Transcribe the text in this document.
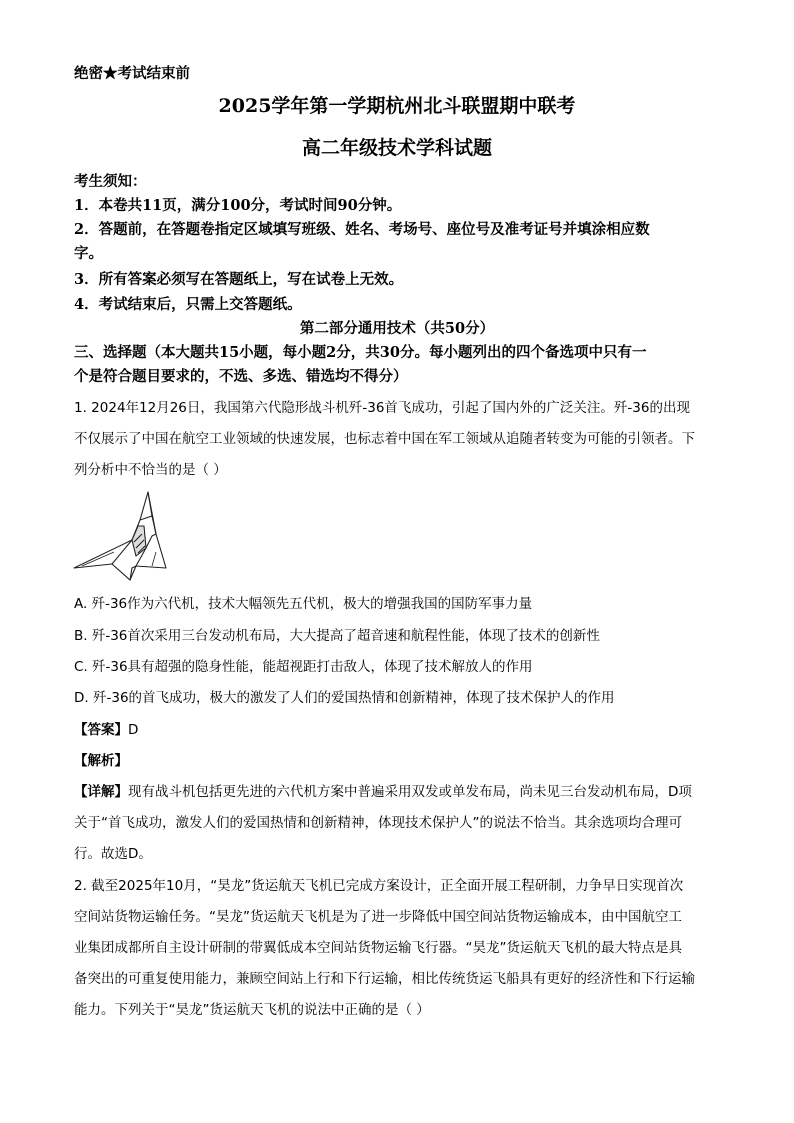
绝密★考试结束前
2025学年第一学期杭州北斗联盟期中联考
高二年级技术学科试题
考生须知：
1．本卷共11页，满分100分，考试时间90分钟。
2．答题前，在答题卷指定区域填写班级、姓名、考场号、座位号及准考证号并填涂相应数
字。
3．所有答案必须写在答题纸上，写在试卷上无效。
4．考试结束后，只需上交答题纸。
第二部分通用技术（共50分）
三、选择题（本大题共15小题，每小题2分，共30分。每小题列出的四个备选项中只有一
个是符合题目要求的，不选、多选、错选均不得分）
1. 2024年12月26日，我国第六代隐形战斗机歼-36首飞成功，引起了国内外的广泛关注。歼-36的出现
不仅展示了中国在航空工业领域的快速发展，也标志着中国在军工领域从追随者转变为可能的引领者。下
列分析中不恰当的是（ ）
A. 歼-36作为六代机，技术大幅领先五代机，极大的增强我国的国防军事力量
B. 歼-36首次采用三台发动机布局，大大提高了超音速和航程性能，体现了技术的创新性
C. 歼-36具有超强的隐身性能，能超视距打击敌人，体现了技术解放人的作用
D. 歼-36的首飞成功，极大的激发了人们的爱国热情和创新精神，体现了技术保护人的作用
【答案】D
【解析】
【详解】现有战斗机包括更先进的六代机方案中普遍采用双发或单发布局，尚未见三台发动机布局，D项
关于“首飞成功，激发人们的爱国热情和创新精神，体现技术保护人”的说法不恰当。其余选项均合理可
行。故选D。
2. 截至2025年10月，“昊龙”货运航天飞机已完成方案设计，正全面开展工程研制，力争早日实现首次
空间站货物运输任务。“昊龙”货运航天飞机是为了进一步降低中国空间站货物运输成本，由中国航空工
业集团成都所自主设计研制的带翼低成本空间站货物运输飞行器。“昊龙”货运航天飞机的最大特点是具
备突出的可重复使用能力，兼顾空间站上行和下行运输，相比传统货运飞船具有更好的经济性和下行运输
能力。下列关于“昊龙”货运航天飞机的说法中正确的是（ ）
